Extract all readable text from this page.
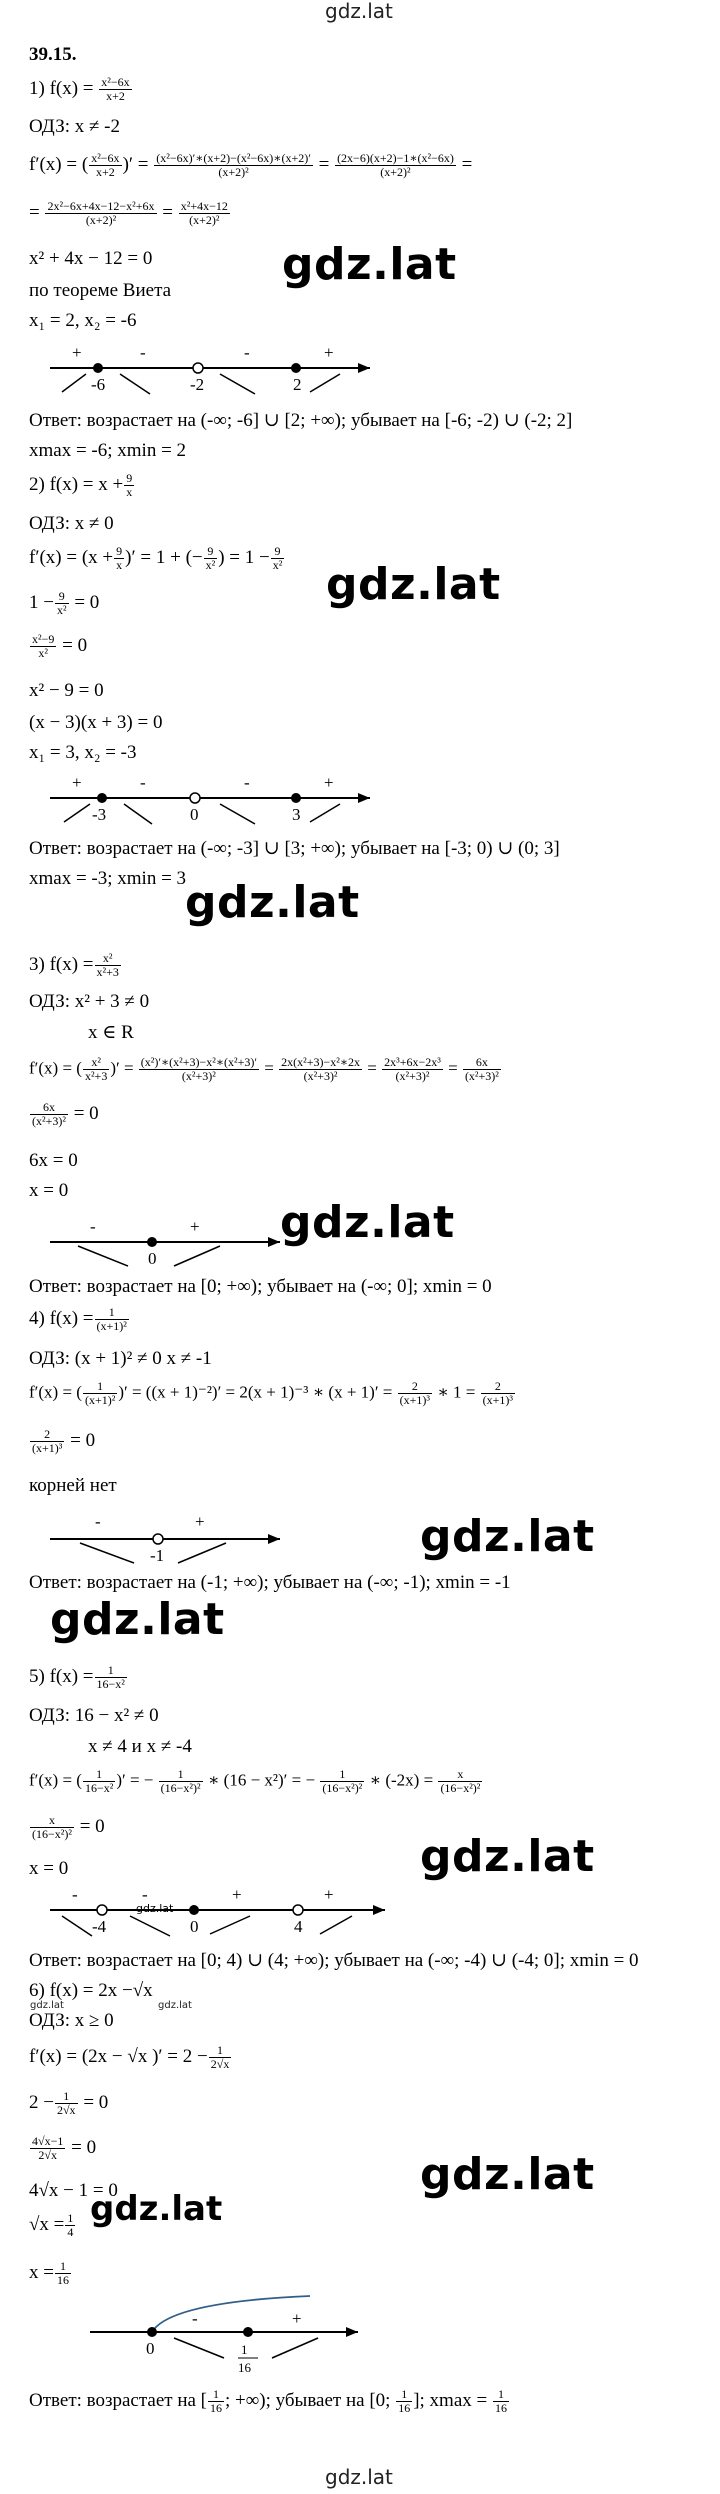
gdz.lat
39.15.
1) $f(x) = \frac{\text{x²−6x}}{x+2}$
ОДЗ: x ≠ -2
f′(x) = ( $\frac{\text{x²−6x}}{x+2}$ )′ = $\frac{\text{(x²−6x)′∗(x+2)−(x²−6x)∗(x+2)′}}{\text{(x+2)²}} = \frac{\text{(2x−6)(x+2)−1∗(x²−6x)}}{\text{(x+2)²}}$ =
= $\frac{\text{2x²−6x+4x−12−x²+6x}}{\text{(x+2)²}} = \frac{\text{x²+4x−12}}{\text{(x+2)²}}$
x² + 4x − 12 = 0
по теореме Виета
x₁ = 2, x₂ = -6
gdz.lat
+	-	-	+
-6	-2	2
Ответ: возрастает на (-∞; -6] ∪ [2; +∞); убывает на [-6; -2) ∪ (-2; 2]
xmax = -6; xmin = 2
2) $f(x) = x + \frac{9}{x}$
ОДЗ: x ≠ 0
$f'(x) = (x + \frac{9}{x}$ )′ = 1 + (− $\frac{9}{\text{x²}}$ ) = $1 - \frac{9}{\text{x²}}$
gdz.lat
$1 - \frac{9}{\text{x²}} = 0$
$\frac{\text{x²−9}}{\text{x²}} = 0$
x² − 9 = 0
(x − 3)(x + 3) = 0
x₁ = 3, x₂ = -3
+	-	-	+
-3	0	3
Ответ: возрастает на (-∞; -3] ∪ [3; +∞); убывает на [-3; 0) ∪ (0; 3]
xmax = -3; xmin = 3
gdz.lat
3) $f(x) = \frac{\text{x²}}{\text{x²+3}}$
ОДЗ: x² + 3 ≠ 0
x ∈ R
f′(x) = ( $\frac{\text{x²}}{\text{x²+3}}$ )′ = $\frac{\text{(x²)′∗(x²+3)−x²∗(x²+3)′}}{\text{(x²+3)²}} = \frac{\text{2x(x²+3)−x²∗2x}}{\text{(x²+3)²}} = \frac{\text{2x³+6x−2x³}}{\text{(x²+3)²}} = \frac{6x}{\text{(x²+3)²}}$
$\frac{6x}{\text{(x²+3)²}} = 0$
6x = 0
x = 0
-	+
0
gdz.lat
Ответ: возрастает на [0; +∞); убывает на (-∞; 0]; xmin = 0
4) $f(x) = \frac{1}{\text{(x+1)²}}$
ОДЗ: (x + 1)² ≠ 0 x ≠ -1
f′(x) = ( $\frac{1}{\text{(x+1)²}}$ )′ = ((x + 1)⁻²)′ = 2(x + 1)⁻³ ∗ $(x + 1)' = \frac{2}{\text{(x+1)³}}$ ∗ $1 = \frac{2}{\text{(x+1)³}}$
$\frac{2}{\text{(x+1)³}} = 0$
корней нет
-	+
-1	gdz.lat
Ответ: возрастает на (-1; +∞); убывает на (-∞; -1); xmin = -1
gdz.lat
5) $f(x) = \frac{1}{\text{16−x²}}$
ОДЗ: 16 − x² ≠ 0
x ≠ 4 и x ≠ -4
f′(x) = ( $\frac{1}{\text{16−x²}}$ )′ = − $\frac{1}{\text{(16−x²)²}}$ ∗ (16 − x²)′ = − $\frac{1}{\text{(16−x²)²}}$ ∗ $(-2x) = \frac{x}{\text{(16−x²)²}}$
$\frac{x}{\text{(16−x²)²}} = 0$
x = 0	gdz.lat
-	-	+	+
-4	0	4
gdz.lat
Ответ: возрастает на [0; 4) ∪ (4; +∞); убывает на (-∞; -4) ∪ (-4; 0]; xmin = 0
6) f(x) = 2x −√x
gdz.lat	gdz.lat
ОДЗ: x ≥ 0
f′(x) = (2x − √x )′ = $2 - \frac{1}{2√x}$
$2 - \frac{1}{2√x} = 0$
$\frac{4√x-1}{2√x} = 0$
gdz.lat
4√x − 1 = 0
$√x = \frac{1}{4} gdz.lat$
$x = \frac{1}{16}$
-	+
0	1
16
Ответ: возрастает на [ $\frac{1}{16}$ ; +∞); убывает на [0; $\frac{1}{16}$ ]; $xmax = \frac{1}{16}$
gdz.lat
